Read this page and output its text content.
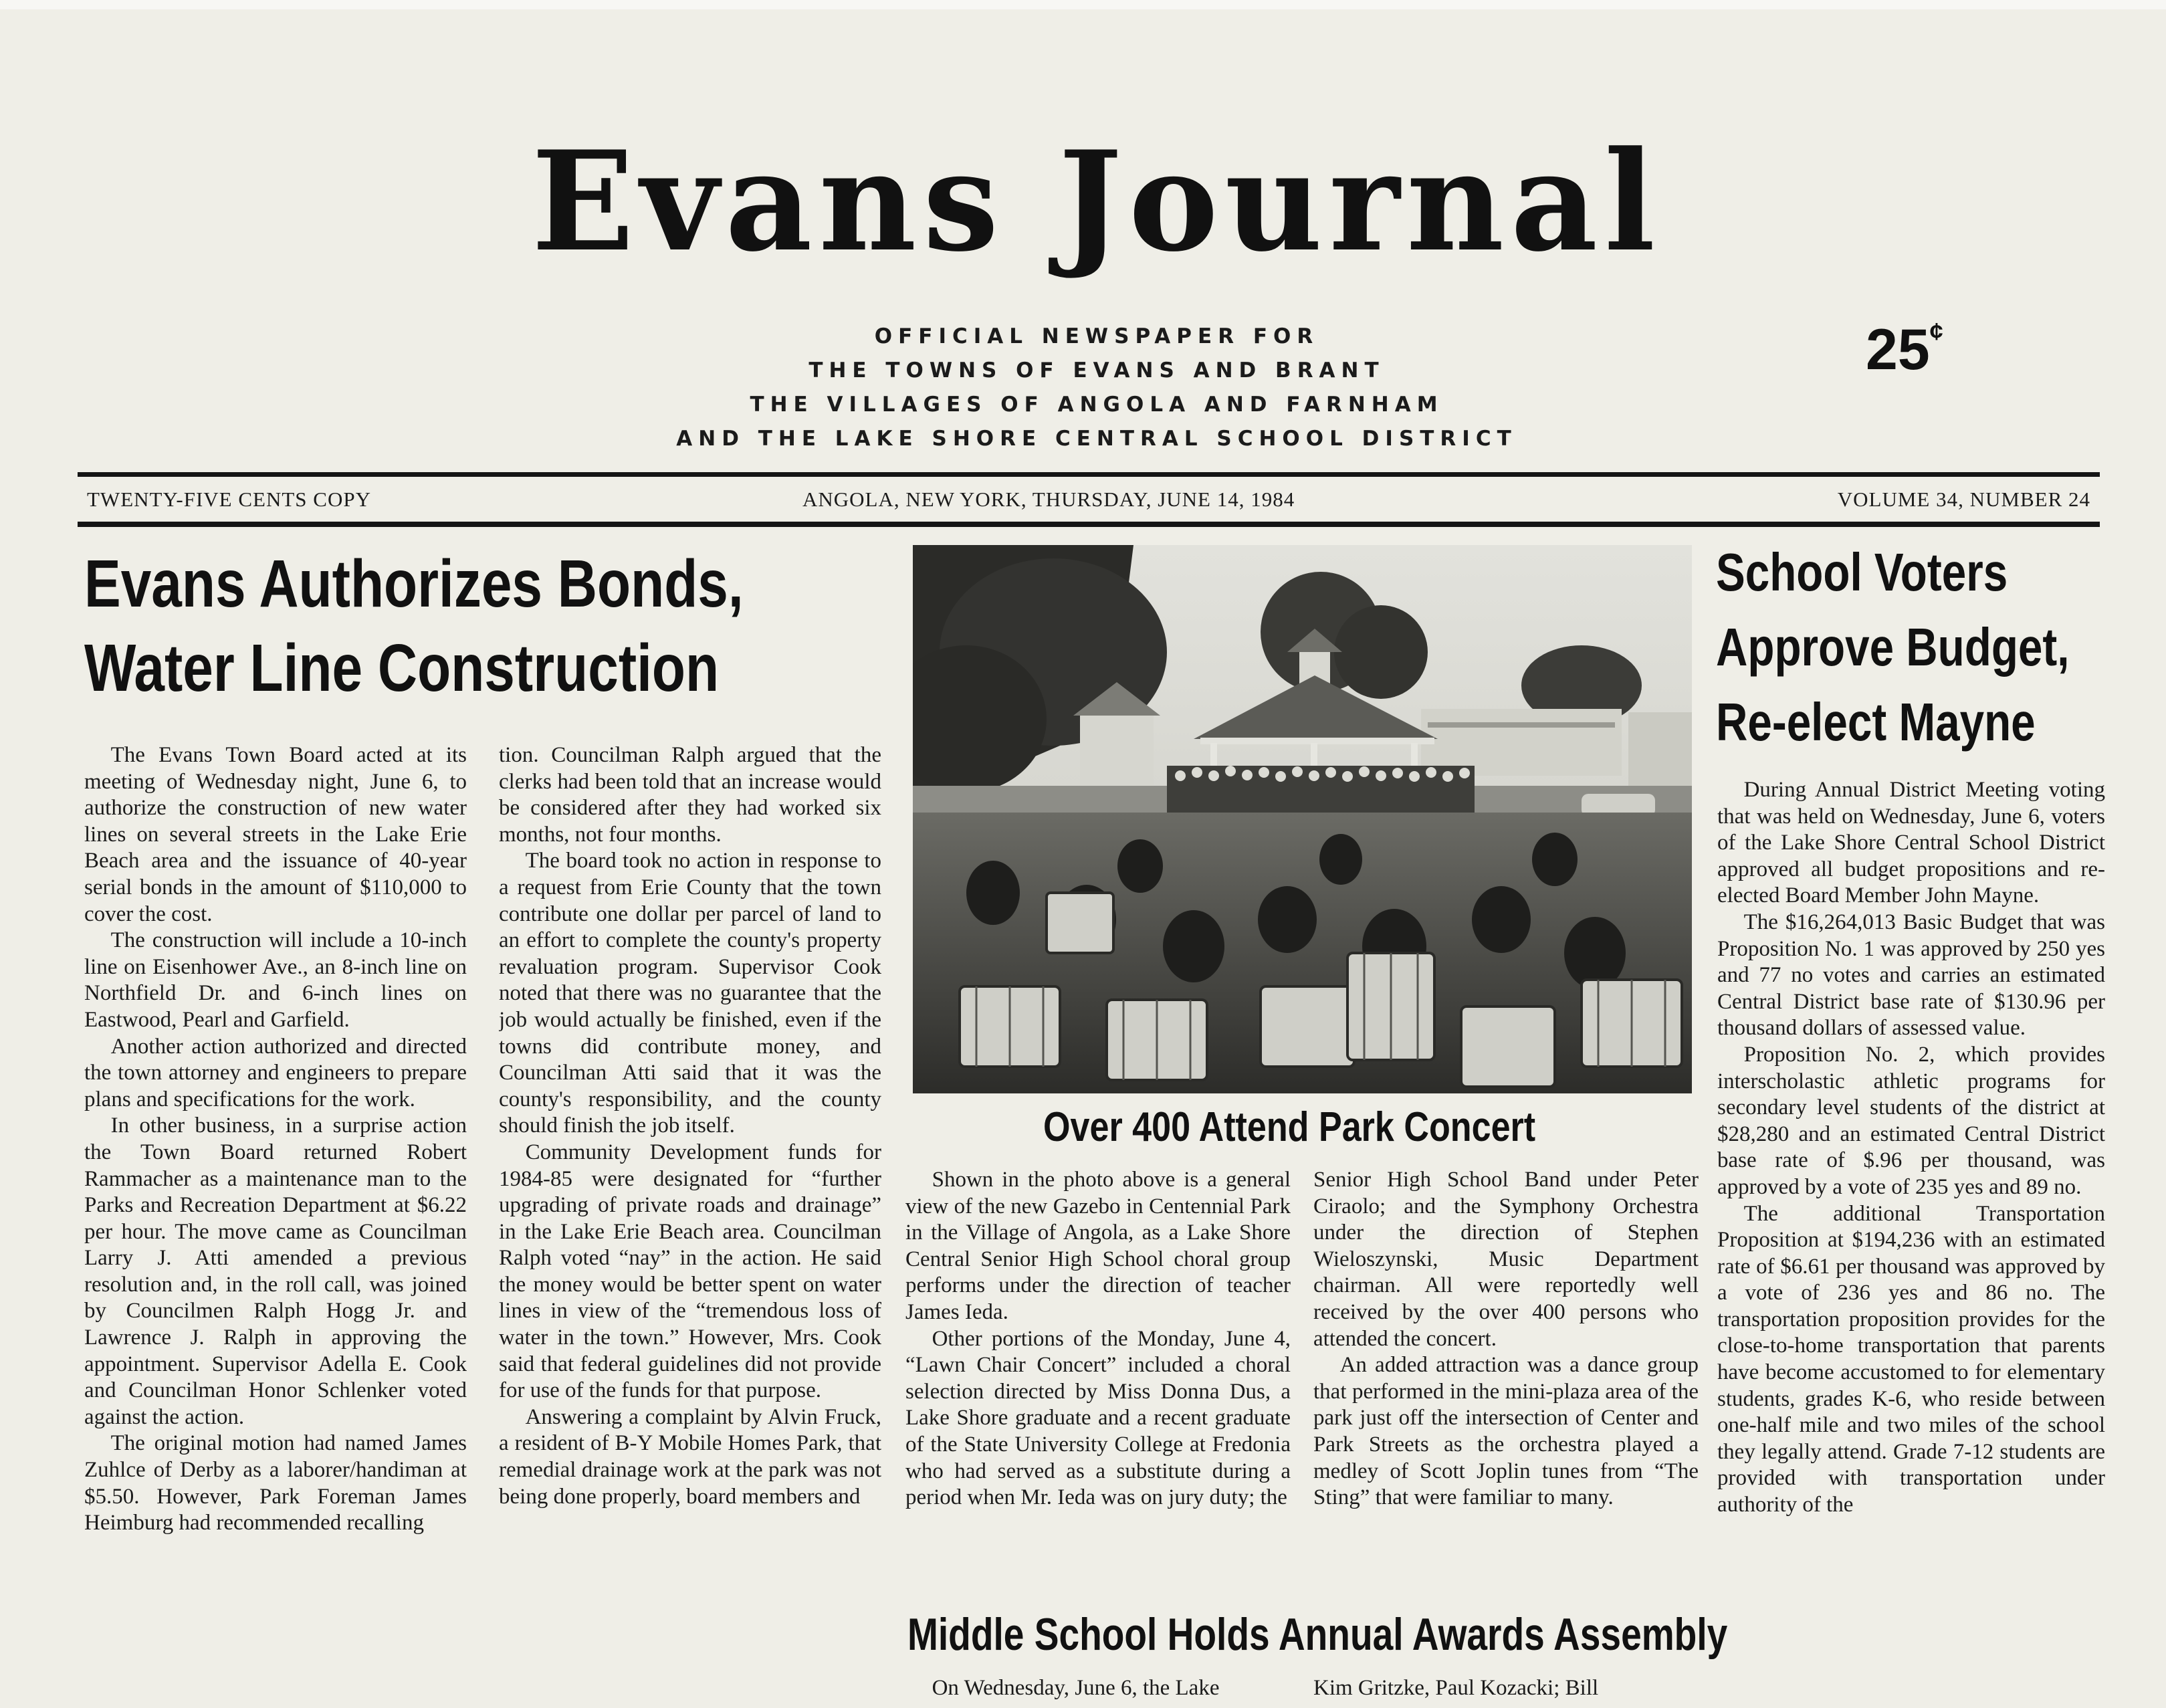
Evans Journal
OFFICIAL NEWSPAPER FOR
THE TOWNS OF EVANS AND BRANT
THE VILLAGES OF ANGOLA AND FARNHAM
AND THE LAKE SHORE CENTRAL SCHOOL DISTRICT
25¢
TWENTY-FIVE CENTS COPY	ANGOLA, NEW YORK, THURSDAY, JUNE 14, 1984	VOLUME 34, NUMBER 24
Evans Authorizes Bonds,
Water Line Construction

The Evans Town Board acted at its meeting of Wednesday night, June 6, to authorize the construction of new water lines on several streets in the Lake Erie Beach area and the issuance of 40-year serial bonds in the amount of $110,000 to cover the cost.

The construction will include a 10-inch line on Eisenhower Ave., an 8-inch line on Northfield Dr. and 6-inch lines on Eastwood, Pearl and Garfield.

Another action authorized and directed the town attorney and engineers to prepare plans and specifications for the work.

In other business, in a surprise action the Town Board returned Robert Rammacher as a maintenance man to the Parks and Recreation Department at $6.22 per hour. The move came as Councilman Larry J. Atti amended a previous resolution and, in the roll call, was joined by Councilmen Ralph Hogg Jr. and Lawrence J. Ralph in approving the appointment. Supervisor Adella E. Cook and Councilman Honor Schlenker voted against the action.

The original motion had named James Zuhlce of Derby as a laborer/handiman at $5.50. However, Park Foreman James Heimburg had recommended recalling

tion. Councilman Ralph argued that the clerks had been told that an increase would be considered after they had worked six months, not four months.

The board took no action in response to a request from Erie County that the town contribute one dollar per parcel of land to an effort to complete the county's property revaluation program. Supervisor Cook noted that there was no guarantee that the job would actually be finished, even if the towns did contribute money, and Councilman Atti said that it was the county's responsibility, and the county should finish the job itself.

Community Development funds for 1984-85 were designated for “further upgrading of private roads and drainage” in the Lake Erie Beach area. Councilman Ralph voted “nay” in the action. He said the money would be better spent on water lines in view of the “tremendous loss of water in the town.” However, Mrs. Cook said that federal guidelines did not provide for use of the funds for that purpose.

Answering a complaint by Alvin Fruck, a resident of B-Y Mobile Homes Park, that remedial drainage work at the park was not being done properly, board members and

Over 400 Attend Park Concert

Shown in the photo above is a general view of the new Gazebo in Centennial Park in the Village of Angola, as a Lake Shore Central Senior High School choral group performs under the direction of teacher James Ieda.

Other portions of the Monday, June 4, “Lawn Chair Concert” included a choral selection directed by Miss Donna Dus, a Lake Shore graduate and a recent graduate of the State University College at Fredonia who had served as a substitute during a period when Mr. Ieda was on jury duty; the

Senior High School Band under Peter Ciraolo; and the Symphony Orchestra under the direction of Stephen Wieloszynski, Music Department chairman. All were reportedly well received by the over 400 persons who attended the concert.

An added attraction was a dance group that performed in the mini-plaza area of the park just off the intersection of Center and Park Streets as the orchestra played a medley of Scott Joplin tunes from “The Sting” that were familiar to many.

Middle School Holds Annual Awards Assembly

On Wednesday, June 6, the Lake	Kim Gritzke, Paul Kozacki; Bill

School Voters
Approve Budget,
Re-elect Mayne

During Annual District Meeting voting that was held on Wednesday, June 6, voters of the Lake Shore Central School District approved all budget propositions and re-elected Board Member John Mayne.

The $16,264,013 Basic Budget that was Proposition No. 1 was approved by 250 yes and 77 no votes and carries an estimated Central District base rate of $130.96 per thousand dollars of assessed value.

Proposition No. 2, which provides interscholastic athletic programs for secondary level students of the district at $28,280 and an estimated Central District base rate of $.96 per thousand, was approved by a vote of 235 yes and 89 no.

The additional Transportation Proposition at $194,236 with an estimated rate of $6.61 per thousand was approved by a vote of 236 yes and 86 no. The transportation proposition provides for the close-to-home transportation that parents have become accustomed to for elementary students, grades K-6, who reside between one-half mile and two miles of the school they legally attend. Grade 7-12 students are provided with transportation under authority of the
